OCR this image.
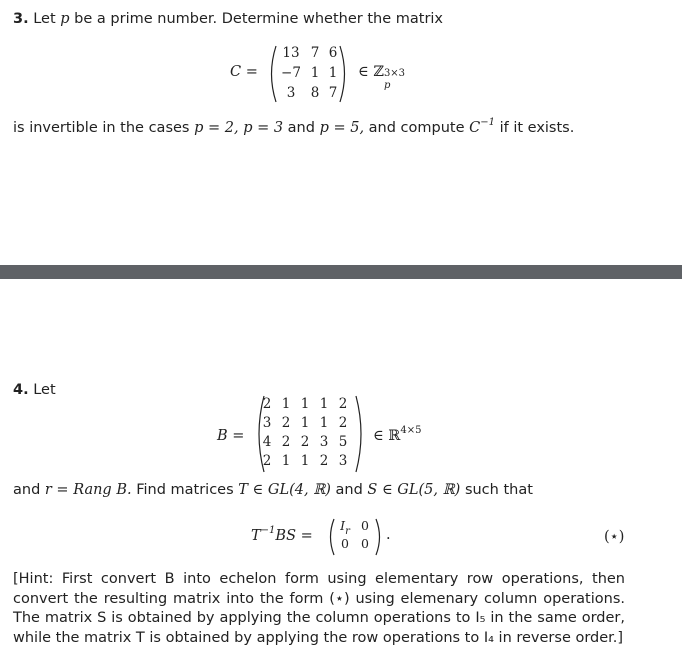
3. Let p be a prime number. Determine whether the matrix
C =
13 7 6
−7 1 1
3	8 7
∈ ℤ 3×3
p
is invertible in the cases p = 2, p = 3 and p = 5, and compute $C^{-1}$ if it exists.
4. Let
B =
2 1 1 1 2
3 2 1 1 2
4 2 2 3 5
2 1 1 2 3
∈ ℝ$^{4\times 5}$
and r = Rang B. Find matrices T ∈ GL(4, ℝ) and S ∈ GL(5, ℝ) such that
$T^{-1}BS$ =
$I_r$ 0
0 0 ·	(⋆)
[Hint: First convert B into echelon form using elementary row operations, then convert the resulting matrix into the form (⋆) using elemenary column operations. The matrix S is obtained by applying the column operations to I₅ in the same order, while the matrix T is obtained by applying the row operations to I₄ in reverse order.]
